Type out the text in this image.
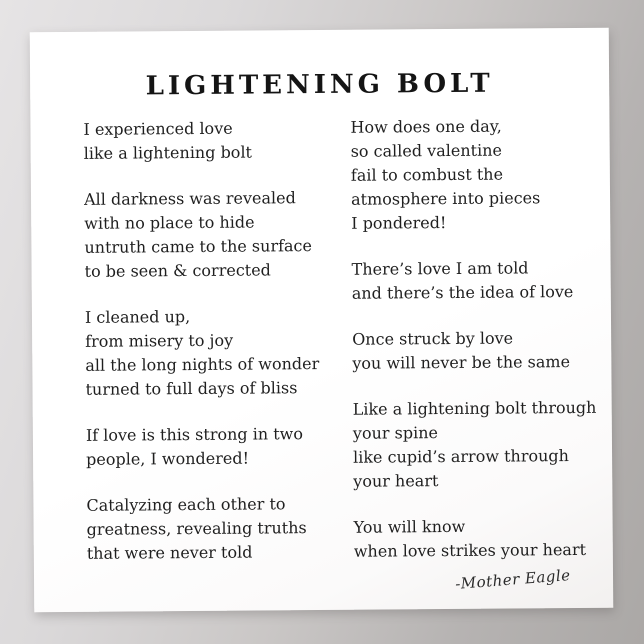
LIGHTENING BOLT
I experienced love
like a lightening bolt
All darkness was revealed
with no place to hide
untruth came to the surface
to be seen & corrected
I cleaned up,
from misery to joy
all the long nights of wonder
turned to full days of bliss
If love is this strong in two
people, I wondered!
Catalyzing each other to
greatness, revealing truths
that were never told
How does one day,
so called valentine
fail to combust the
atmosphere into pieces
I pondered!
There’s love I am told
and there’s the idea of love
Once struck by love
you will never be the same
Like a lightening bolt through
your spine
like cupid’s arrow through
your heart
You will know
when love strikes your heart
-Mother Eagle
